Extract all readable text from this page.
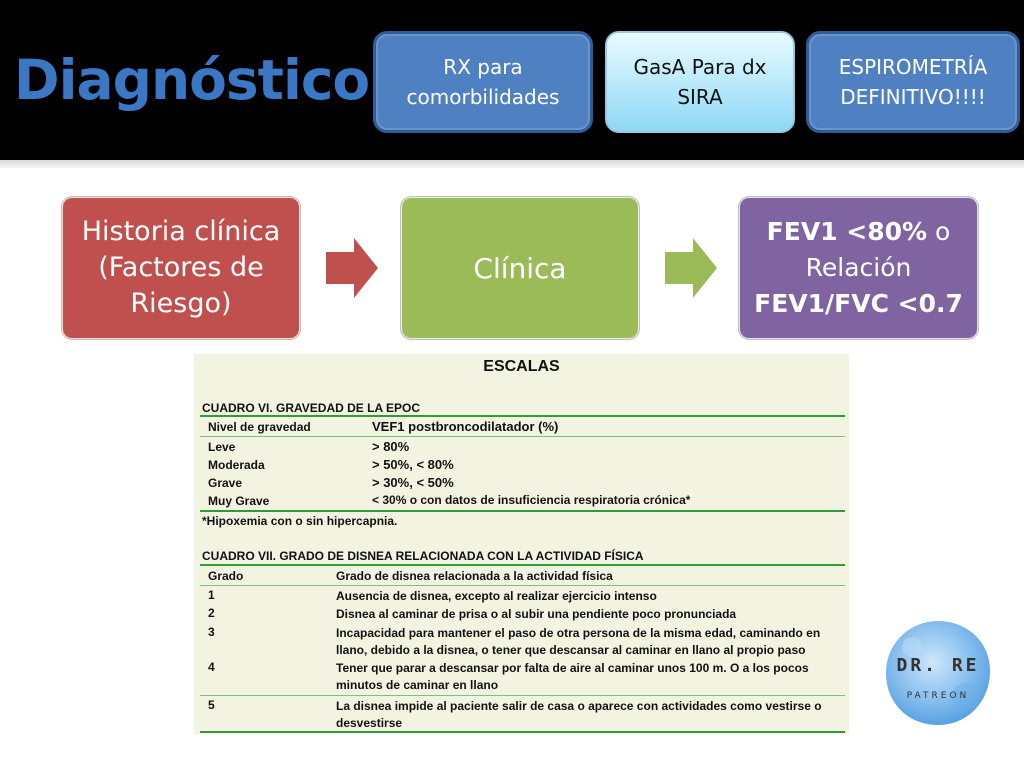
Diagnóstico	RX para
comorbilidades
GasA Para dx
SIRA
ESPIROMETRÍA
DEFINITIVO!!!!
Historia clínica
(Factores de
Riesgo)
Clínica
FEV1 <80% o
Relación
FEV1/FVC <0.7
ESCALAS
CUADRO VI. GRAVEDAD DE LA EPOC
Nivel de gravedad	VEF1 postbroncodilatador (%)
Leve	> 80%
Moderada	> 50%, < 80%
Grave	> 30%, < 50%
Muy Grave	< 30% o con datos de insuficiencia respiratoria crónica*
*Hipoxemia con o sin hipercapnia.
CUADRO VII. GRADO DE DISNEA RELACIONADA CON LA ACTIVIDAD FÍSICA
Grado	Grado de disnea relacionada a la actividad física
1	Ausencia de disnea, excepto al realizar ejercicio intenso
2	Disnea al caminar de prisa o al subir una pendiente poco pronunciada
3	Incapacidad para mantener el paso de otra persona de la misma edad, caminando en llano, debido a la disnea, o tener que descansar al caminar en llano al propio paso
4	Tener que parar a descansar por falta de aire al caminar unos 100 m. O a los pocos minutos de caminar en llano
5	La disnea impide al paciente salir de casa o aparece con actividades como vestirse o desvestirse
DR. RE
PATREON
